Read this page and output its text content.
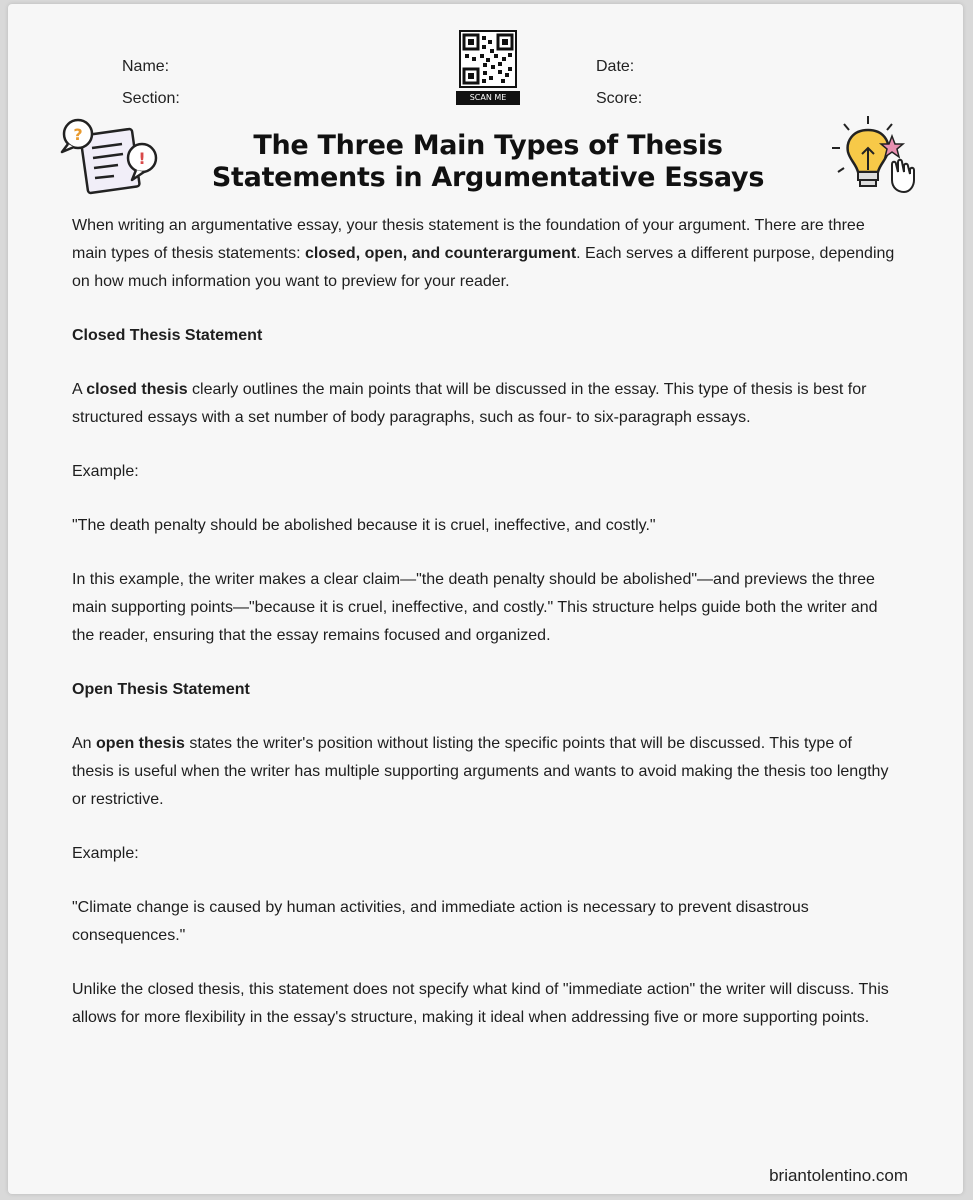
Name:
Section:
Date:
Score:
SCAN ME
?
!	The Three Main Types of Thesis
Statements in Argumentative Essays

When writing an argumentative essay, your thesis statement is the foundation of your argument. There are three main types of thesis statements: closed, open, and counterargument. Each serves a different purpose, depending on how much information you want to preview for your reader.

Closed Thesis Statement

A closed thesis clearly outlines the main points that will be discussed in the essay. This type of thesis is best for structured essays with a set number of body paragraphs, such as four- to six-paragraph essays.

Example:

"The death penalty should be abolished because it is cruel, ineffective, and costly."

In this example, the writer makes a clear claim—"the death penalty should be abolished"—and previews the three main supporting points—"because it is cruel, ineffective, and costly." This structure helps guide both the writer and the reader, ensuring that the essay remains focused and organized.

Open Thesis Statement

An open thesis states the writer's position without listing the specific points that will be discussed. This type of thesis is useful when the writer has multiple supporting arguments and wants to avoid making the thesis too lengthy or restrictive.

Example:

"Climate change is caused by human activities, and immediate action is necessary to prevent disastrous consequences."

Unlike the closed thesis, this statement does not specify what kind of "immediate action" the writer will discuss. This allows for more flexibility in the essay's structure, making it ideal when addressing five or more supporting points.

briantolentino.com
